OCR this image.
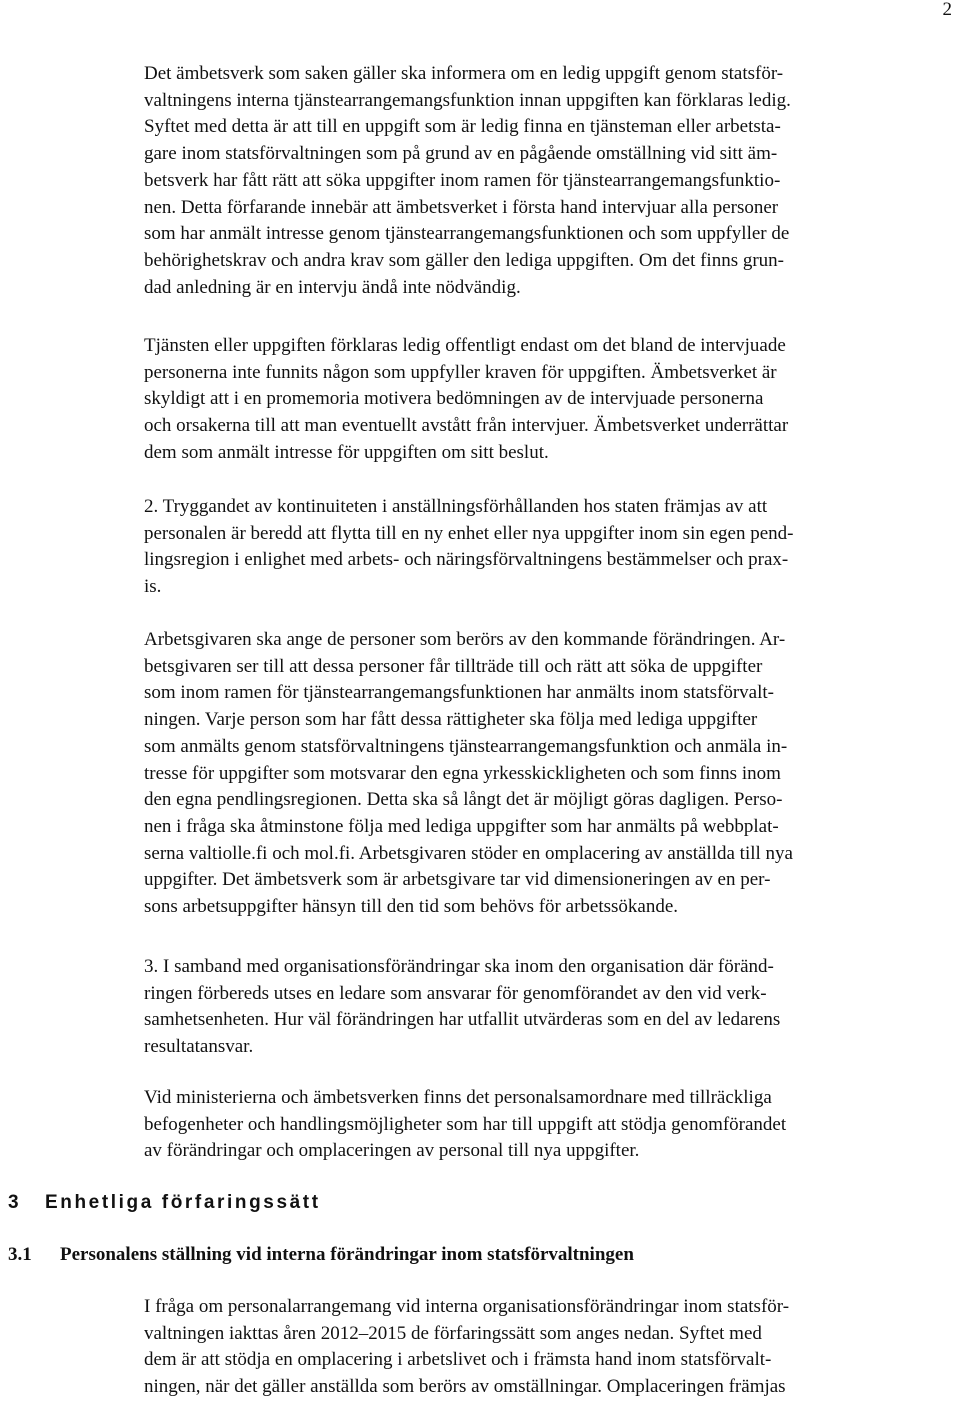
2

Det ämbetsverk som saken gäller ska informera om en ledig uppgift genom statsför-
valtningens interna tjänstearrangemangsfunktion innan uppgiften kan förklaras ledig.
Syftet med detta är att till en uppgift som är ledig finna en tjänsteman eller arbetsta-
gare inom statsförvaltningen som på grund av en pågående omställning vid sitt äm-
betsverk har fått rätt att söka uppgifter inom ramen för tjänstearrangemangsfunktio-
nen. Detta förfarande innebär att ämbetsverket i första hand intervjuar alla personer
som har anmält intresse genom tjänstearrangemangsfunktionen och som uppfyller de
behörighetskrav och andra krav som gäller den lediga uppgiften. Om det finns grun-
dad anledning är en intervju ändå inte nödvändig.

Tjänsten eller uppgiften förklaras ledig offentligt endast om det bland de intervjuade
personerna inte funnits någon som uppfyller kraven för uppgiften. Ämbetsverket är
skyldigt att i en promemoria motivera bedömningen av de intervjuade personerna
och orsakerna till att man eventuellt avstått från intervjuer. Ämbetsverket underrättar
dem som anmält intresse för uppgiften om sitt beslut.

2. Tryggandet av kontinuiteten i anställningsförhållanden hos staten främjas av att
personalen är beredd att flytta till en ny enhet eller nya uppgifter inom sin egen pend-
lingsregion i enlighet med arbets- och näringsförvaltningens bestämmelser och prax-
is.

Arbetsgivaren ska ange de personer som berörs av den kommande förändringen. Ar-
betsgivaren ser till att dessa personer får tillträde till och rätt att söka de uppgifter
som inom ramen för tjänstearrangemangsfunktionen har anmälts inom statsförvalt-
ningen. Varje person som har fått dessa rättigheter ska följa med lediga uppgifter
som anmälts genom statsförvaltningens tjänstearrangemangsfunktion och anmäla in-
tresse för uppgifter som motsvarar den egna yrkesskickligheten och som finns inom
den egna pendlingsregionen. Detta ska så långt det är möjligt göras dagligen. Perso-
nen i fråga ska åtminstone följa med lediga uppgifter som har anmälts på webbplat-
serna valtiolle.fi och mol.fi. Arbetsgivaren stöder en omplacering av anställda till nya
uppgifter. Det ämbetsverk som är arbetsgivare tar vid dimensioneringen av en per-
sons arbetsuppgifter hänsyn till den tid som behövs för arbetssökande.

3. I samband med organisationsförändringar ska inom den organisation där föränd-
ringen förbereds utses en ledare som ansvarar för genomförandet av den vid verk-
samhetsenheten. Hur väl förändringen har utfallit utvärderas som en del av ledarens
resultatansvar.

Vid ministerierna och ämbetsverken finns det personalsamordnare med tillräckliga
befogenheter och handlingsmöjligheter som har till uppgift att stödja genomförandet
av förändringar och omplaceringen av personal till nya uppgifter.

3 Enhetliga förfaringssätt
3.1 Personalens ställning vid interna förändringar inom statsförvaltningen

I fråga om personalarrangemang vid interna organisationsförändringar inom statsför-
valtningen iakttas åren 2012–2015 de förfaringssätt som anges nedan. Syftet med
dem är att stödja en omplacering i arbetslivet och i främsta hand inom statsförvalt-
ningen, när det gäller anställda som berörs av omställningar. Omplaceringen främjas
